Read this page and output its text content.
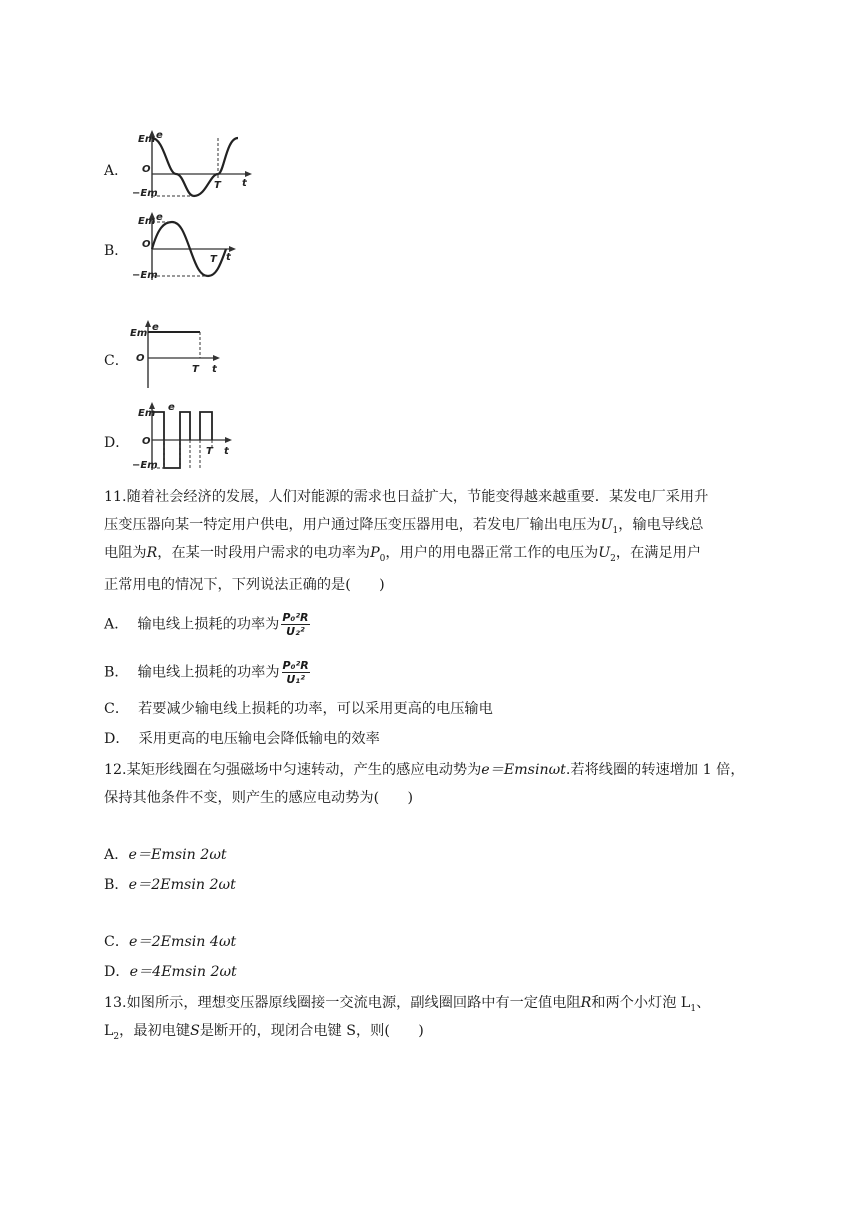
A．
Em e
O
−Em
T t
B．
Em e
O
−Em
T t
C．
Em
e
O
T t
D．
Em
e
O
−Em
T t
11.随着社会经济的发展，人们对能源的需求也日益扩大，节能变得越来越重要．某发电厂采用升
压变压器向某一特定用户供电，用户通过降压变压器用电，若发电厂输出电压为$U_1$，输电导线总
电阻为R，在某一时段用户需求的电功率为$P_0$，用户的用电器正常工作的电压为$U_2$，在满足用户
正常用电的情况下，下列说法正确的是(　　)
A． 输电线上损耗的功率为 $\frac{\text{P₀²R}}{\text{U₂²}}$
B． 输电线上损耗的功率为 $\frac{\text{P₀²R}}{\text{U₁²}}$
C． 若要减少输电线上损耗的功率，可以采用更高的电压输电
D． 采用更高的电压输电会降低输电的效率
12.某矩形线圈在匀强磁场中匀速转动，产生的感应电动势为e＝Emsinωt.若将线圈的转速增加 1 倍，
保持其他条件不变，则产生的感应电动势为(　　)
A．e＝Emsin 2ωt
B．e＝2Emsin 2ωt
C．e＝2Emsin 4ωt
D．e＝4Emsin 2ωt
13.如图所示，理想变压器原线圈接一交流电源，副线圈回路中有一定值电阻R和两个小灯泡 $L_1$、
$L_2$，最初电键S是断开的，现闭合电键 S，则(　　)
